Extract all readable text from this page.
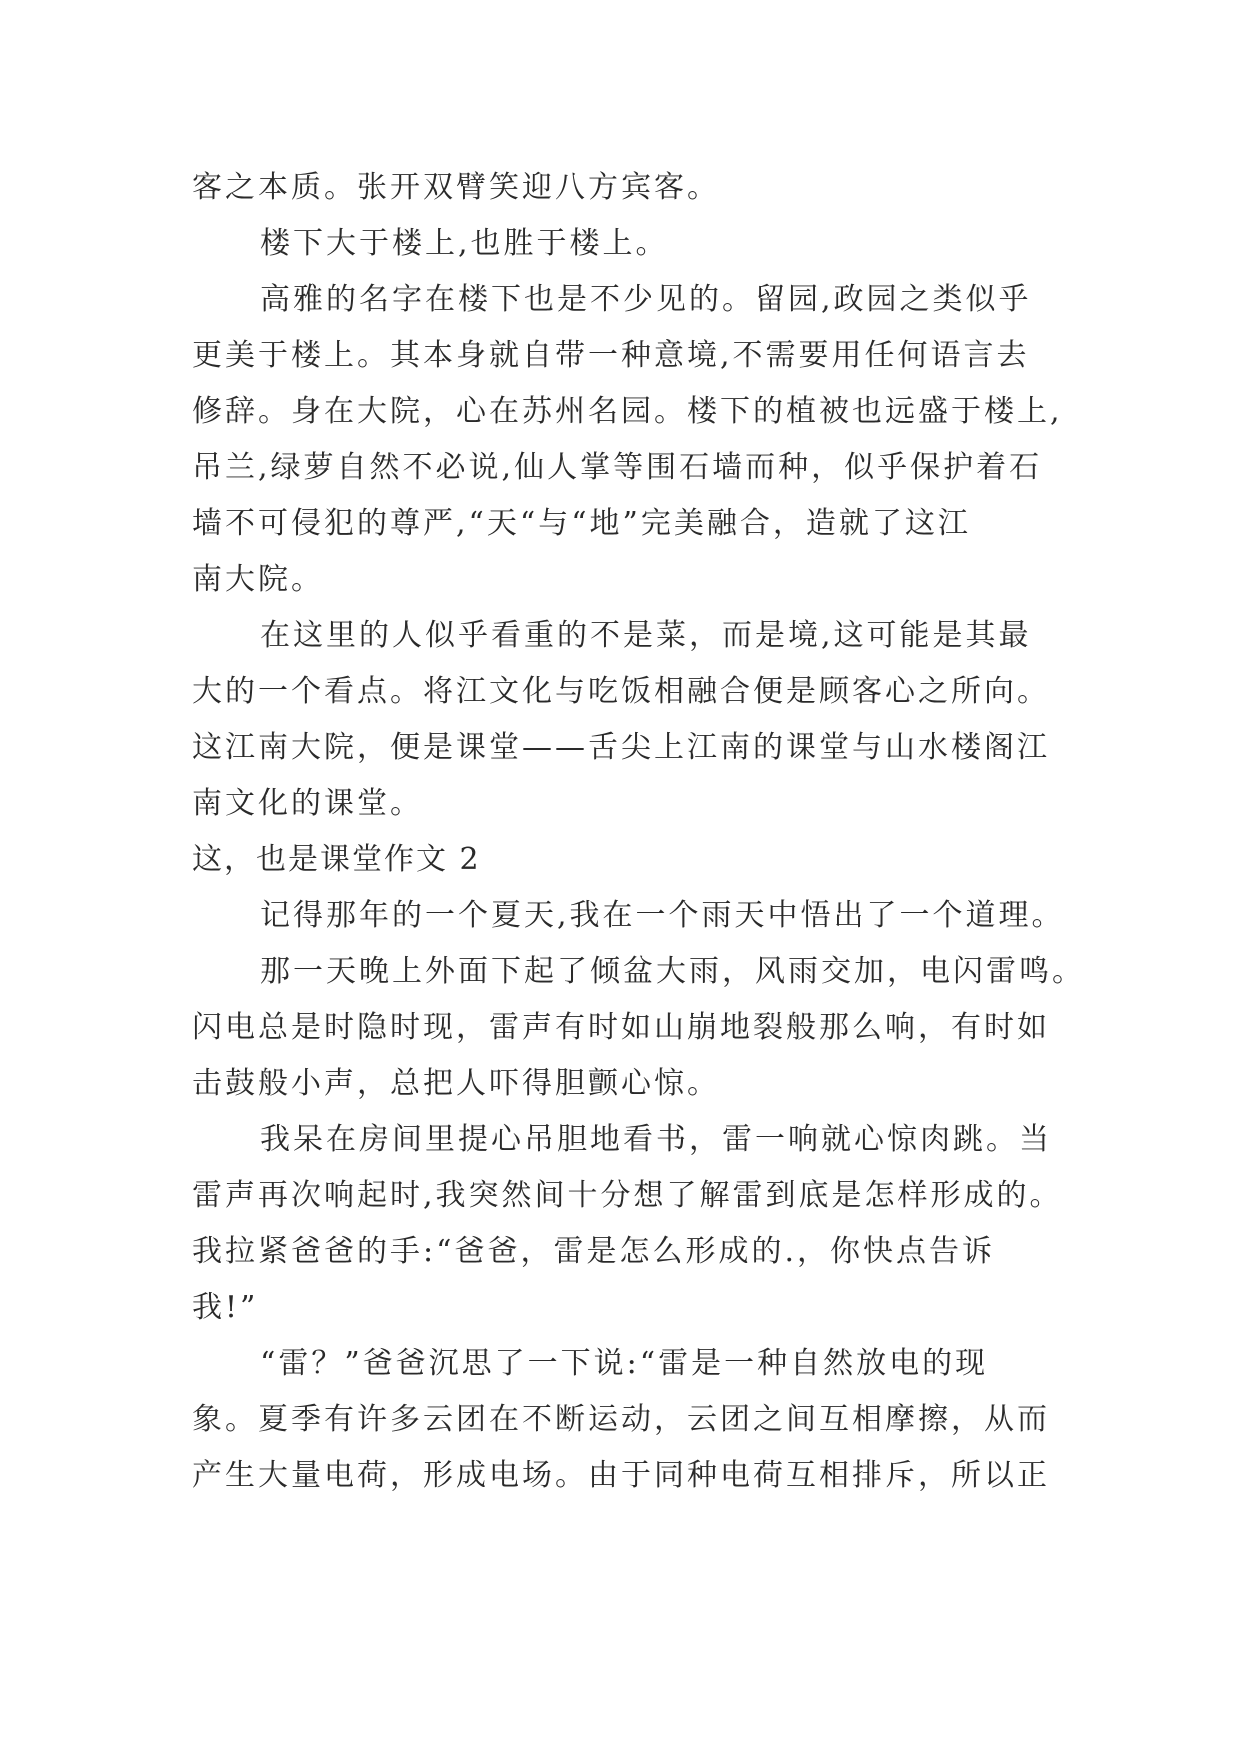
客之本质。张开双臂笑迎八方宾客。
楼下大于楼上,也胜于楼上。
高雅的名字在楼下也是不少见的。留园,政园之类似乎
更美于楼上。其本身就自带一种意境,不需要用任何语言去
修辞。身在大院，心在苏州名园。楼下的植被也远盛于楼上,
吊兰,绿萝自然不必说,仙人掌等围石墙而种，似乎保护着石
墙不可侵犯的尊严,“天“与“地”完美融合，造就了这江
南大院。
在这里的人似乎看重的不是菜，而是境,这可能是其最
大的一个看点。将江文化与吃饭相融合便是顾客心之所向。
这江南大院，便是课堂——舌尖上江南的课堂与山水楼阁江
南文化的课堂。
这，也是课堂作文 2
记得那年的一个夏天,我在一个雨天中悟出了一个道理。
那一天晚上外面下起了倾盆大雨，风雨交加，电闪雷鸣。
闪电总是时隐时现，雷声有时如山崩地裂般那么响，有时如
击鼓般小声，总把人吓得胆颤心惊。
我呆在房间里提心吊胆地看书，雷一响就心惊肉跳。当
雷声再次响起时,我突然间十分想了解雷到底是怎样形成的。
我拉紧爸爸的手:“爸爸，雷是怎么形成的.，你快点告诉
我!”
“雷？”爸爸沉思了一下说:“雷是一种自然放电的现
象。夏季有许多云团在不断运动，云团之间互相摩擦，从而
产生大量电荷，形成电场。由于同种电荷互相排斥，所以正
